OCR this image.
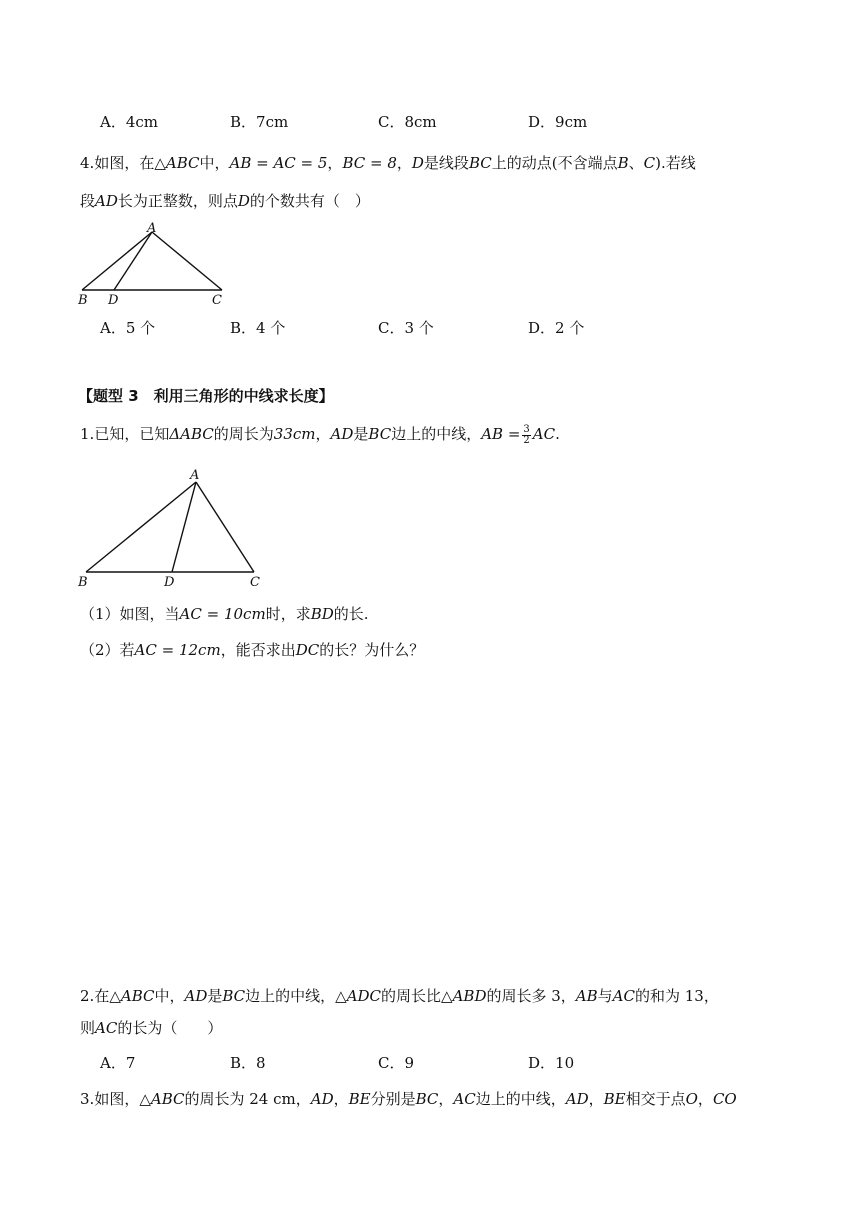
A．4cm	B．7cm	C．8cm	D．9cm
4.如图，在△ABC中，AB = AC = 5，BC = 8，D是线段BC上的动点(不含端点B、C).若线
段AD长为正整数，则点D的个数共有（　）
A
B D	C
A．5 个	B．4 个	C．3 个	D．2 个
【题型 3　利用三角形的中线求长度】
1.已知，已知ΔABC的周长为33cm，AD是BC边上的中线，AB = $\frac{3}{2}$ AC.
A
B	D	C
（1）如图，当AC = 10cm时，求BD的长.
（2）若AC = 12cm，能否求出DC的长？为什么？
2.在△ABC中，AD是BC边上的中线，△ADC的周长比△ABD的周长多 3，AB与AC的和为 13，
则AC的长为（　　）
A．7	B．8	C．9	D．10
3.如图，△ABC的周长为 24 cm，AD，BE分别是BC，AC边上的中线，AD，BE相交于点O，CO
